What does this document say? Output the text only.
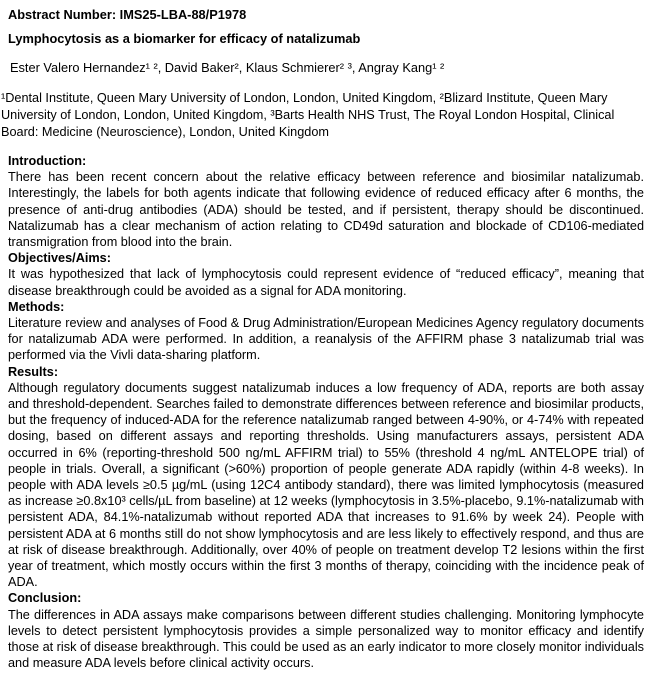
Abstract Number: IMS25-LBA-88/P1978
Lymphocytosis as a biomarker for efficacy of natalizumab
Ester Valero Hernandez¹ ², David Baker², Klaus Schmierer² ³, Angray Kang¹ ²
¹Dental Institute, Queen Mary University of London, London, United Kingdom, ²Blizard Institute, Queen Mary University of London, London, United Kingdom, ³Barts Health NHS Trust, The Royal London Hospital, Clinical Board: Medicine (Neuroscience), London, United Kingdom
Introduction:
There has been recent concern about the relative efficacy between reference and biosimilar natalizumab. Interestingly, the labels for both agents indicate that following evidence of reduced efficacy after 6 months, the presence of anti-drug antibodies (ADA) should be tested, and if persistent, therapy should be discontinued. Natalizumab has a clear mechanism of action relating to CD49d saturation and blockade of CD106-mediated transmigration from blood into the brain.
Objectives/Aims:
It was hypothesized that lack of lymphocytosis could represent evidence of “reduced efficacy”, meaning that disease breakthrough could be avoided as a signal for ADA monitoring.
Methods:
Literature review and analyses of Food & Drug Administration/European Medicines Agency regulatory documents for natalizumab ADA were performed. In addition, a reanalysis of the AFFIRM phase 3 natalizumab trial was performed via the Vivli data-sharing platform.
Results:
Although regulatory documents suggest natalizumab induces a low frequency of ADA, reports are both assay and threshold-dependent. Searches failed to demonstrate differences between reference and biosimilar products, but the frequency of induced-ADA for the reference natalizumab ranged between 4-90%, or 4-74% with repeated dosing, based on different assays and reporting thresholds. Using manufacturers assays, persistent ADA occurred in 6% (reporting-threshold 500 ng/mL AFFIRM trial) to 55% (threshold 4 ng/mL ANTELOPE trial) of people in trials. Overall, a significant (>60%) proportion of people generate ADA rapidly (within 4-8 weeks). In people with ADA levels ≥0.5 µg/mL (using 12C4 antibody standard), there was limited lymphocytosis (measured as increase ≥0.8x10³ cells/µL from baseline) at 12 weeks (lymphocytosis in 3.5%-placebo, 9.1%-natalizumab with persistent ADA, 84.1%-natalizumab without reported ADA that increases to 91.6% by week 24). People with persistent ADA at 6 months still do not show lymphocytosis and are less likely to effectively respond, and thus are at risk of disease breakthrough. Additionally, over 40% of people on treatment develop T2 lesions within the first year of treatment, which mostly occurs within the first 3 months of therapy, coinciding with the incidence peak of ADA.
Conclusion:
The differences in ADA assays make comparisons between different studies challenging. Monitoring lymphocyte levels to detect persistent lymphocytosis provides a simple personalized way to monitor efficacy and identify those at risk of disease breakthrough. This could be used as an early indicator to more closely monitor individuals and measure ADA levels before clinical activity occurs.
